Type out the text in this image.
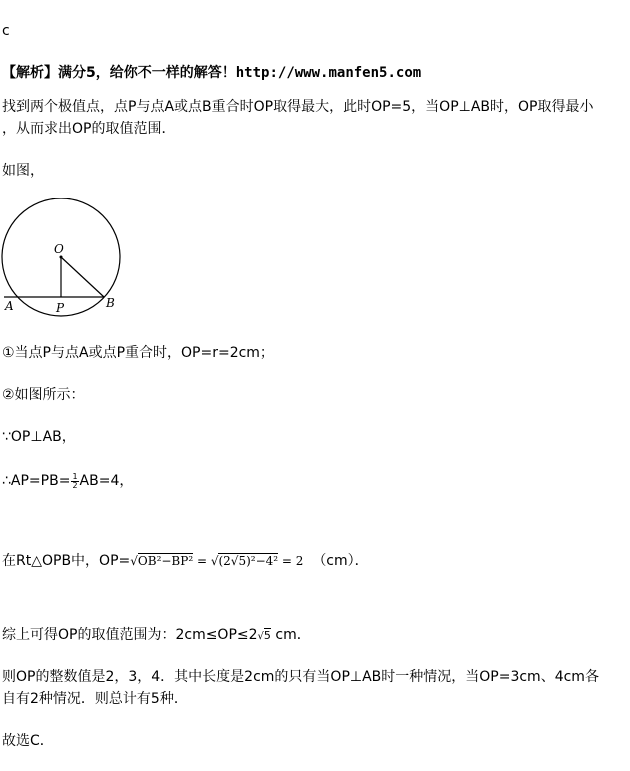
c
【解析】满分5，给你不一样的解答！http://www.manfen5.com
找到两个极值点，点P与点A或点B重合时OP取得最大，此时OP=5，当OP⊥AB时，OP取得最小
，从而求出OP的取值范围．
如图，
O
A	P	B
①当点P与点A或点P重合时，OP=r=2cm；
②如图所示：
∵OP⊥AB，
∴AP=PB= $\frac{1}{2} AB=4$，
在Rt△OPB中，OP=√OB²−BP² = √(2√5)²−4² = 2 （cm）．
综上可得OP的取值范围为：2cm≤OP≤2√5 cm．
则OP的整数值是2，3，4．其中长度是2cm的只有当OP⊥AB时一种情况，当OP=3cm、4cm各
自有2种情况．则总计有5种．
故选C．
